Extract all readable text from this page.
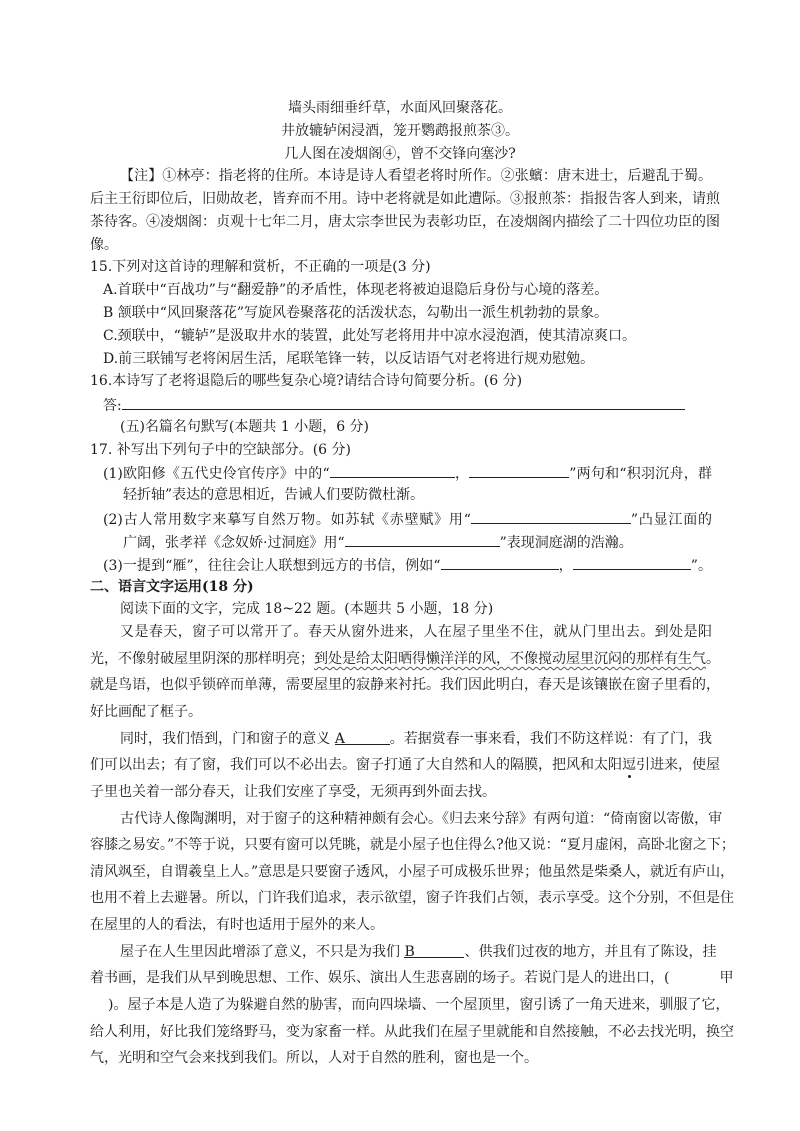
墙头雨细垂纤草，水面风回聚落花。
井放辘轳闲浸酒，笼开鹦鹉报煎茶③。
几人图在凌烟阁④，曾不交锋向塞沙?
【注】①林亭：指老将的住所。本诗是诗人看望老将时所作。②张蠙：唐末进士，后避乱于蜀。
后主王衍即位后，旧勋故老，皆弃而不用。诗中老将就是如此遭际。③报煎茶：指报告客人到来，请煎
茶待客。④凌烟阁：贞观十七年二月，唐太宗李世民为表彰功臣，在凌烟阁内描绘了二十四位功臣的图
像。
15.下列对这首诗的理解和赏析，不正确的一项是(3 分)
A.首联中“百战功”与“翻爱静”的矛盾性，体现老将被迫退隐后身份与心境的落差。
B 颔联中“风回聚落花”写旋风卷聚落花的活泼状态，勾勒出一派生机勃勃的景象。
C.颈联中，“辘轳”是汲取井水的装置，此处写老将用井中凉水浸泡酒，使其清凉爽口。
D.前三联铺写老将闲居生活，尾联笔锋一转，以反诘语气对老将进行规劝慰勉。
16.本诗写了老将退隐后的哪些复杂心境?请结合诗句简要分析。(6 分)
答:
(五)名篇名句默写(本题共 1 小题，6 分)
17. 补写出下列句子中的空缺部分。(6 分)
(1)欧阳修《五代史伶官传序》中的“	，	”两句和“积羽沉舟，群
轻折轴”表达的意思相近，告诫人们要防微杜渐。
(2)古人常用数字来摹写自然万物。如苏轼《赤壁赋》用“	”凸显江面的
广阔，张孝祥《念奴娇·过洞庭》用“	”表现洞庭湖的浩瀚。
(3)一提到“雁”，往往会让人联想到远方的书信，例如“	，	”。
二、语言文字运用(18 分)
阅读下面的文字，完成 18~22 题。(本题共 5 小题，18 分)
又是春天，窗子可以常开了。春天从窗外进来，人在屋子里坐不住，就从门里出去。到处是阳
光，不像射破屋里阴深的那样明亮；到处是给太阳晒得懒洋洋的风，不像搅动屋里沉闷的那样有生气。
就是鸟语，也似乎锁碎而单薄，需要屋里的寂静来衬托。我们因此明白，春天是该镶嵌在窗子里看的，
好比画配了框子。
同时，我们悟到，门和窗子的意义 A	。若据赏春一事来看，我们不防这样说：有了门，我
们可以出去；有了窗，我们可以不必出去。窗子打通了大自然和人的隔膜，把风和太阳逗引进来，使屋
子里也关着一部分春天，让我们安座了享受，无须再到外面去找。
古代诗人像陶渊明，对于窗子的这种精神颇有会心。《归去来兮辞》有两句道：“倚南窗以寄傲，审
容膝之易安。”不等于说，只要有窗可以凭眺，就是小屋子也住得么?他又说：“夏月虚闲，高卧北窗之下；
清风飒至，自谓羲皇上人。”意思是只要窗子透风，小屋子可成极乐世界；他虽然是柴桑人，就近有庐山，
也用不着上去避暑。所以，门许我们追求，表示欲望，窗子许我们占领，表示享受。这个分别，不但是住
在屋里的人的看法，有时也适用于屋外的来人。
屋子在人生里因此增添了意义，不只是为我们 B	、供我们过夜的地方，并且有了陈设，挂
着书画，是我们从早到晚思想、工作、娱乐、演出人生悲喜剧的场子。若说门是人的进出口，(	甲
)。屋子本是人造了为躲避自然的胁害，而向四垛墙、一个屋顶里，窗引诱了一角天进来，驯服了它，
给人利用，好比我们笼络野马，变为家畜一样。从此我们在屋子里就能和自然接触，不必去找光明，换空
气，光明和空气会来找到我们。所以，人对于自然的胜利，窗也是一个。
